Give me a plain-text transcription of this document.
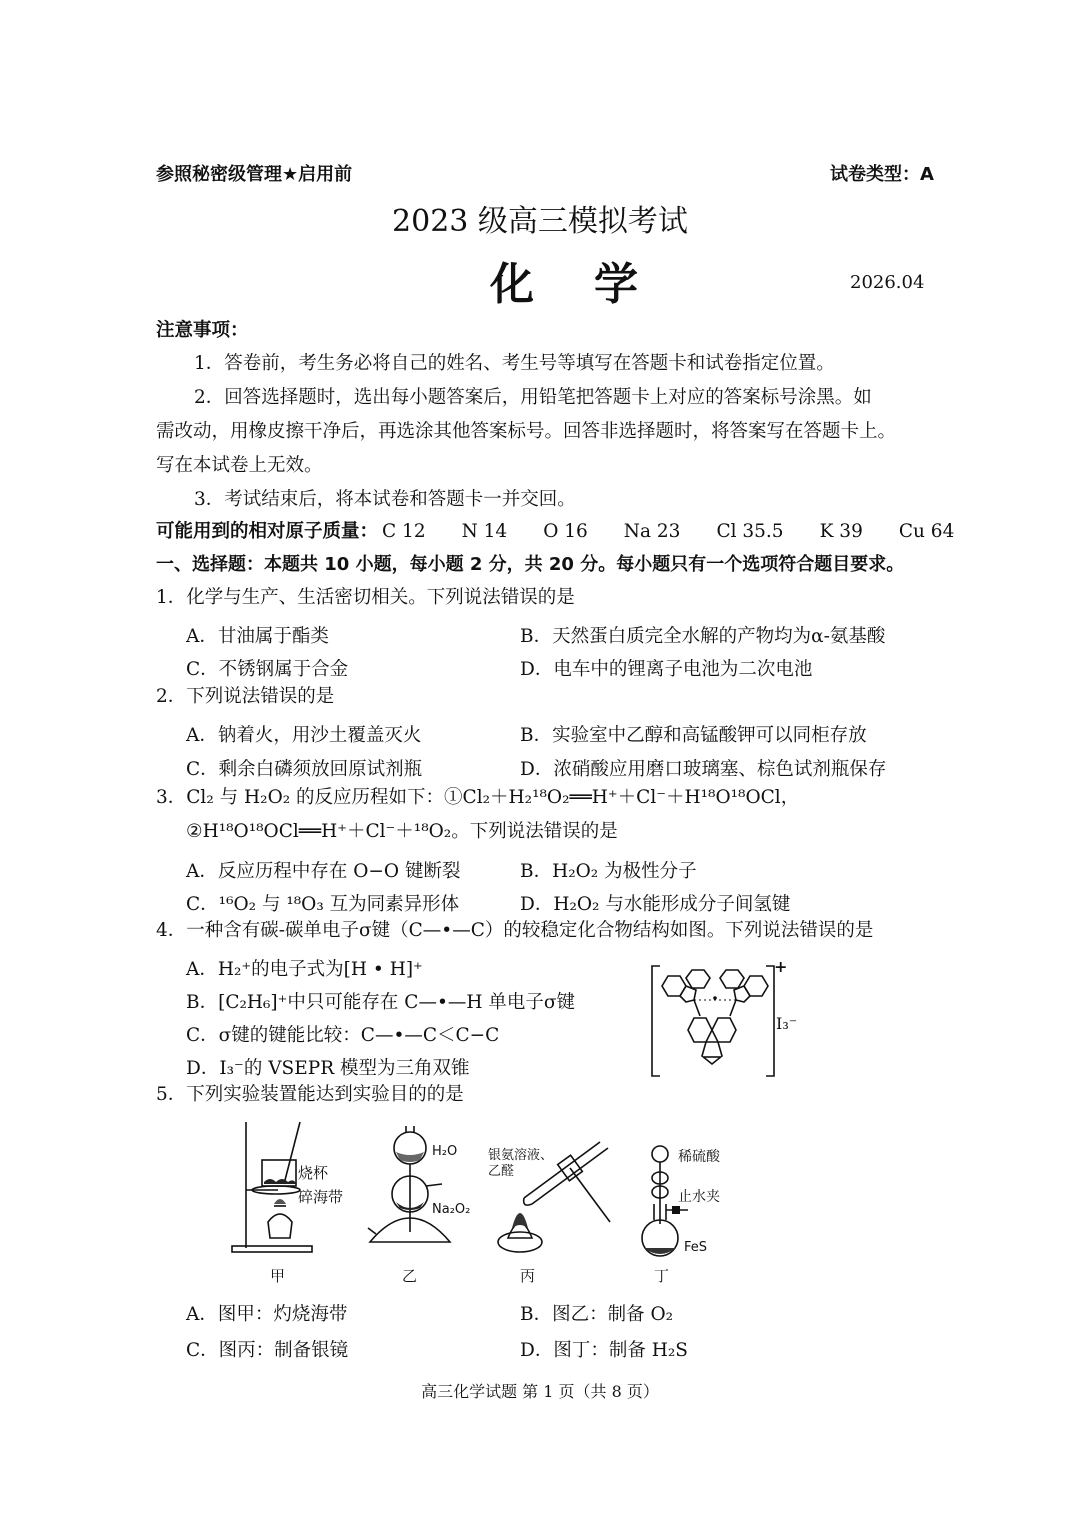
参照秘密级管理★启用前	试卷类型：A
2023 级高三模拟考试
化学	2026.04
注意事项：
1．答卷前，考生务必将自己的姓名、考生号等填写在答题卡和试卷指定位置。
2．回答选择题时，选出每小题答案后，用铅笔把答题卡上对应的答案标号涂黑。如
需改动，用橡皮擦干净后，再选涂其他答案标号。回答非选择题时，将答案写在答题卡上。
写在本试卷上无效。
3．考试结束后，将本试卷和答题卡一并交回。
可能用到的相对原子质量： C 12 N 14 O 16 Na 23 Cl 35.5 K 39 Cu 64
一、选择题：本题共 10 小题，每小题 2 分，共 20 分。每小题只有一个选项符合题目要求。
1．化学与生产、生活密切相关。下列说法错误的是
A．甘油属于酯类	B．天然蛋白质完全水解的产物均为α-氨基酸
C．不锈钢属于合金	D．电车中的锂离子电池为二次电池
2．下列说法错误的是
A．钠着火，用沙土覆盖灭火	B．实验室中乙醇和高锰酸钾可以同柜存放
C．剩余白磷须放回原试剂瓶	D．浓硝酸应用磨口玻璃塞、棕色试剂瓶保存
3．Cl₂ 与 H₂O₂ 的反应历程如下：①Cl₂＋H₂¹⁸O₂══H⁺＋Cl⁻＋H¹⁸O¹⁸OCl，
②H¹⁸O¹⁸OCl══H⁺＋Cl⁻＋¹⁸O₂。下列说法错误的是
A．反应历程中存在 O−O 键断裂	B．H₂O₂ 为极性分子
C．¹⁶O₂ 与 ¹⁸O₃ 互为同素异形体	D．H₂O₂ 与水能形成分子间氢键
4．一种含有碳-碳单电子σ键（C—•—C）的较稳定化合物结构如图。下列说法错误的是
A．H₂⁺的电子式为[H • H]⁺
B．[C₂H₆]⁺中只可能存在 C—•—H 单电子σ键
C．σ键的键能比较：C—•—C＜C−C
D．I₃⁻的 VSEPR 模型为三角双锥
+
I₃⁻
5．下列实验装置能达到实验目的的是
烧杯
碎海带
甲
H₂O
Na₂O₂
乙
银氨溶液、
乙醛
丙
稀硫酸
止水夹
FeS
丁
A．图甲：灼烧海带	B．图乙：制备 O₂
C．图丙：制备银镜	D．图丁：制备 H₂S
高三化学试题 第 1 页（共 8 页）
